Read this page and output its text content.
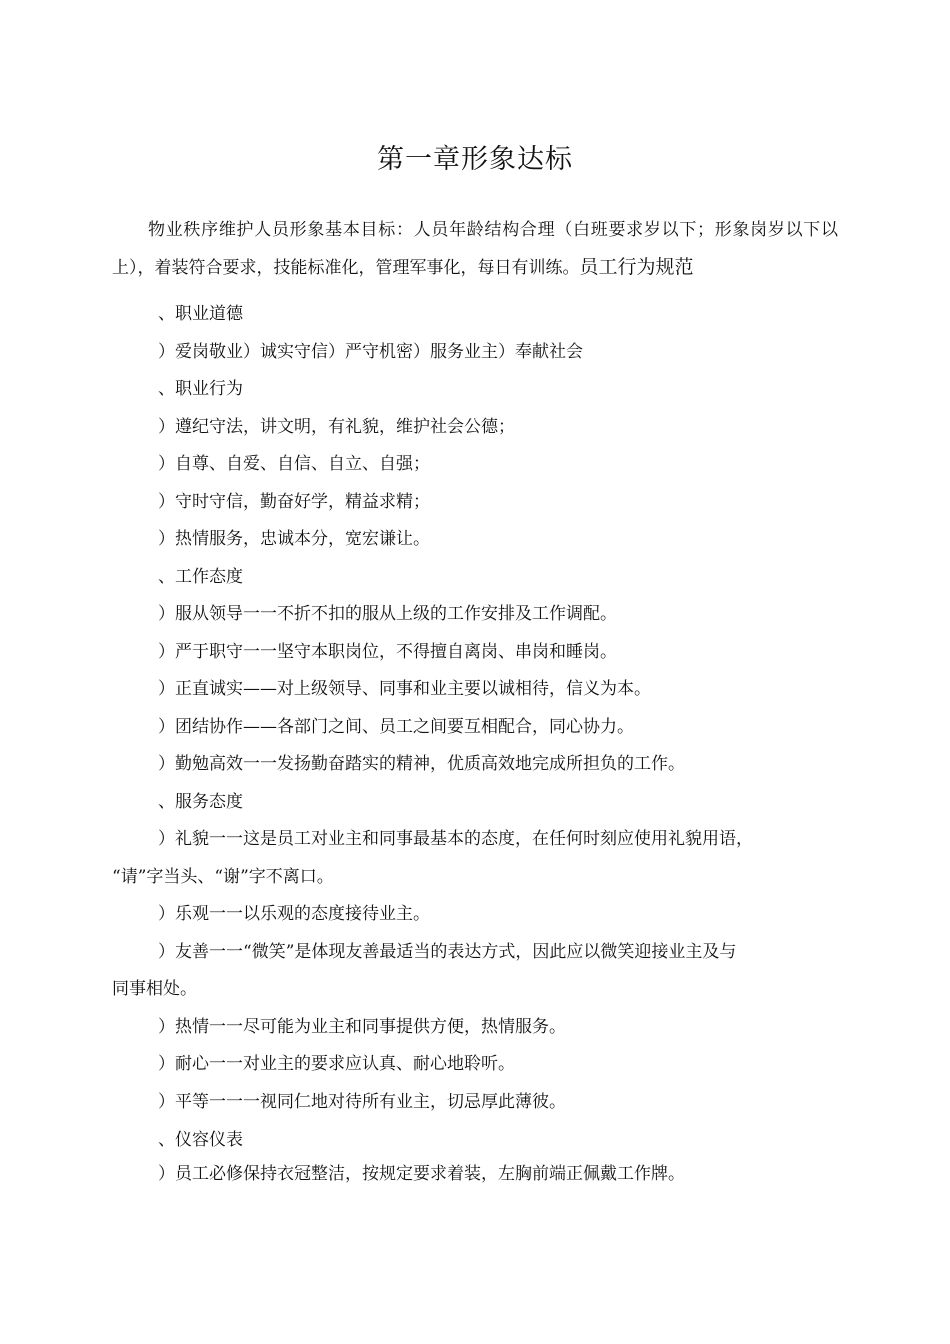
第一章形象达标
物业秩序维护人员形象基本目标：人员年龄结构合理（白班要求岁以下；形象岗岁以下以上），着装符合要求，技能标准化，管理军事化，每日有训练。员工行为规范
、职业道德
）爱岗敬业）诚实守信）严守机密）服务业主）奉献社会
、职业行为
）遵纪守法，讲文明，有礼貌，维护社会公德；
）自尊、自爱、自信、自立、自强；
）守时守信，勤奋好学，精益求精；
）热情服务，忠诚本分，宽宏谦让。
、工作态度
）服从领导一一不折不扣的服从上级的工作安排及工作调配。
）严于职守一一坚守本职岗位，不得擅自离岗、串岗和睡岗。
）正直诚实——对上级领导、同事和业主要以诚相待，信义为本。
）团结协作——各部门之间、员工之间要互相配合，同心协力。
）勤勉高效一一发扬勤奋踏实的精神，优质高效地完成所担负的工作。
、服务态度
）礼貌一一这是员工对业主和同事最基本的态度，在任何时刻应使用礼貌用语，
“请”字当头、“谢”字不离口。
）乐观一一以乐观的态度接待业主。
）友善一一“微笑”是体现友善最适当的表达方式，因此应以微笑迎接业主及与
同事相处。
）热情一一尽可能为业主和同事提供方便，热情服务。
）耐心一一对业主的要求应认真、耐心地聆听。
）平等一一一视同仁地对待所有业主，切忌厚此薄彼。
、仪容仪表
）员工必修保持衣冠整洁，按规定要求着装，左胸前端正佩戴工作牌。
